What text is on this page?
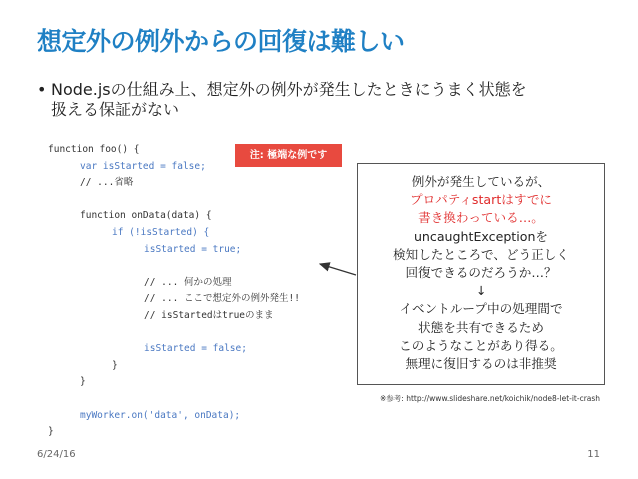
想定外の例外からの回復は難しい
• Node.jsの仕組み上、想定外の例外が発生したときにうまく状態を
扱える保証がない
function foo() {
var isStarted = false;
// ...省略
function onData(data) {
if (!isStarted) {
isStarted = true;
// ... 何かの処理
// ... ここで想定外の例外発生!!
// isStartedはtrueのまま
isStarted = false;
}
}
myWorker.on('data', onData);
}
注: 極端な例です
例外が発生しているが、
プロパティstartはすでに
書き換わっている…。
uncaughtExceptionを
検知したところで、どう正しく
回復できるのだろうか…？
↓
イベントループ中の処理間で
状態を共有できるため
このようなことがあり得る。
無理に復旧するのは非推奨
※参考: http://www.slideshare.net/koichik/node8-let-it-crash
6/24/16	11
